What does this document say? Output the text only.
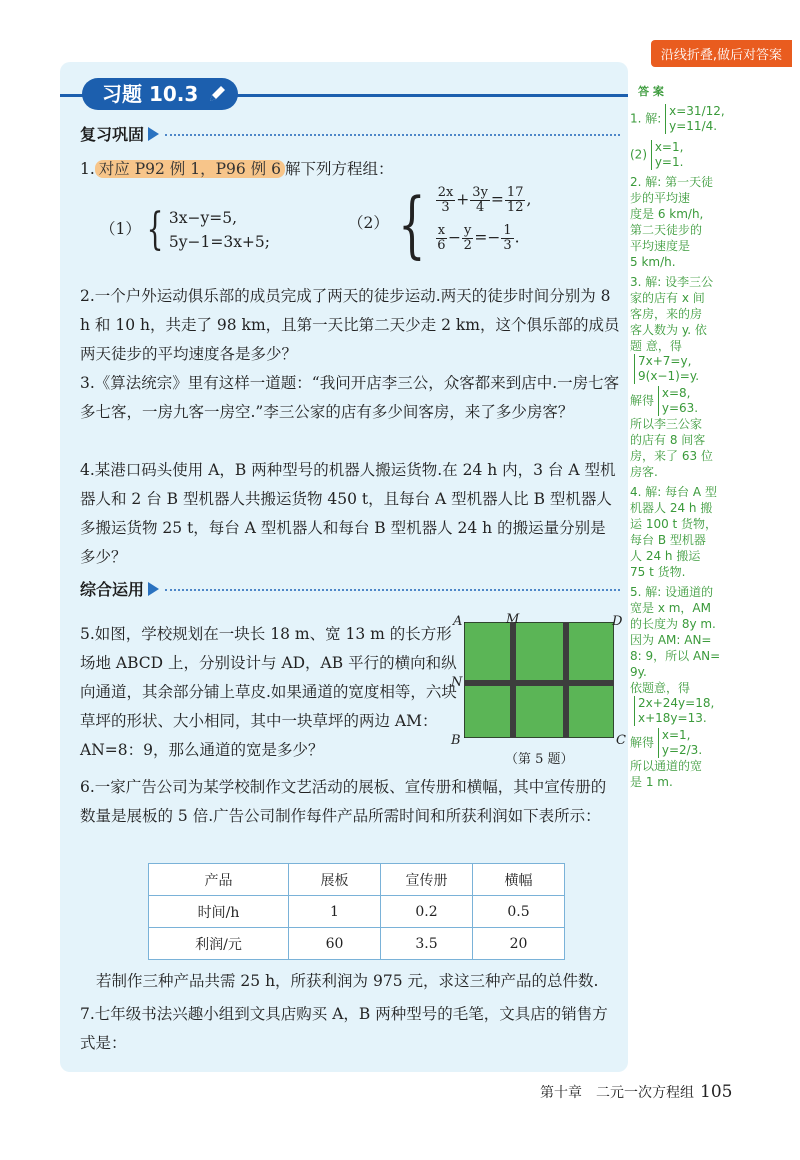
沿线折叠,做后对答案
习题 10.3
复习巩固
1. 对应 P92 例 1，P96 例 6 解下列方程组：
（1） { 3x−y=5,
5y−1=3x+5;
（2） { $\frac{2x}{3} + \frac{3y}{4} = \frac{17}{12}$ ,
$\frac{x}{6} - \frac{y}{2} =- \frac{1}{3}$ .
2.一个户外运动俱乐部的成员完成了两天的徒步运动.两天的徒步时间分别为 8 h 和 10 h，共走了 98 km，且第一天比第二天少走 2 km，这个俱乐部的成员两天徒步的平均速度各是多少？
3.《算法统宗》里有这样一道题：“我问开店李三公，众客都来到店中.一房七客多七客，一房九客一房空.”李三公家的店有多少间客房，来了多少房客？
4.某港口码头使用 A，B 两种型号的机器人搬运货物.在 24 h 内，3 台 A 型机器人和 2 台 B 型机器人共搬运货物 450 t，且每台 A 型机器人比 B 型机器人多搬运货物 25 t，每台 A 型机器人和每台 B 型机器人 24 h 的搬运量分别是多少？
综合运用
5.如图，学校规划在一块长 18 m、宽 13 m 的长方形场地 ABCD 上，分别设计与 AD，AB 平行的横向和纵向通道，其余部分铺上草皮.如果通道的宽度相等，六块草坪的形状、大小相同，其中一块草坪的两边 AM：AN=8：9，那么通道的宽是多少？
A	M	D
N
B	C
（第 5 题）
6.一家广告公司为某学校制作文艺活动的展板、宣传册和横幅，其中宣传册的数量是展板的 5 倍.广告公司制作每件产品所需时间和所获利润如下表所示：
产品	展板	宣传册	横幅
时间/h	1	0.2	0.5
利润/元	60	3.5	20
若制作三种产品共需 25 h，所获利润为 975 元，求这三种产品的总件数.
7.七年级书法兴趣小组到文具店购买 A，B 两种型号的毛笔，文具店的销售方式是：
第十章　二元一次方程组 105
答 案
1. 解:
x=31/12,
y=11/4.
(2)
x=1,
y=1.
2. 解: 第一天徒
步的平均速
度是 6 km/h,
第二天徒步的
平均速度是
5 km/h.
3. 解: 设李三公
家的店有 x 间
客房，来的房
客人数为 y. 依
题 意，得
7x+7=y,
9(x−1)=y.
解得
x=8,
y=63.
所以李三公家
的店有 8 间客
房，来了 63 位
房客.
4. 解: 每台 A 型
机器人 24 h 搬
运 100 t 货物，
每台 B 型机器
人 24 h 搬运
75 t 货物.
5. 解: 设通道的
宽是 x m，AM
的长度为 8y m.
因为 AM: AN=
8: 9，所以 AN=
9y.
依题意，得
2x+24y=18,
x+18y=13.
解得
x=1,
y=2/3.
所以通道的宽
是 1 m.
